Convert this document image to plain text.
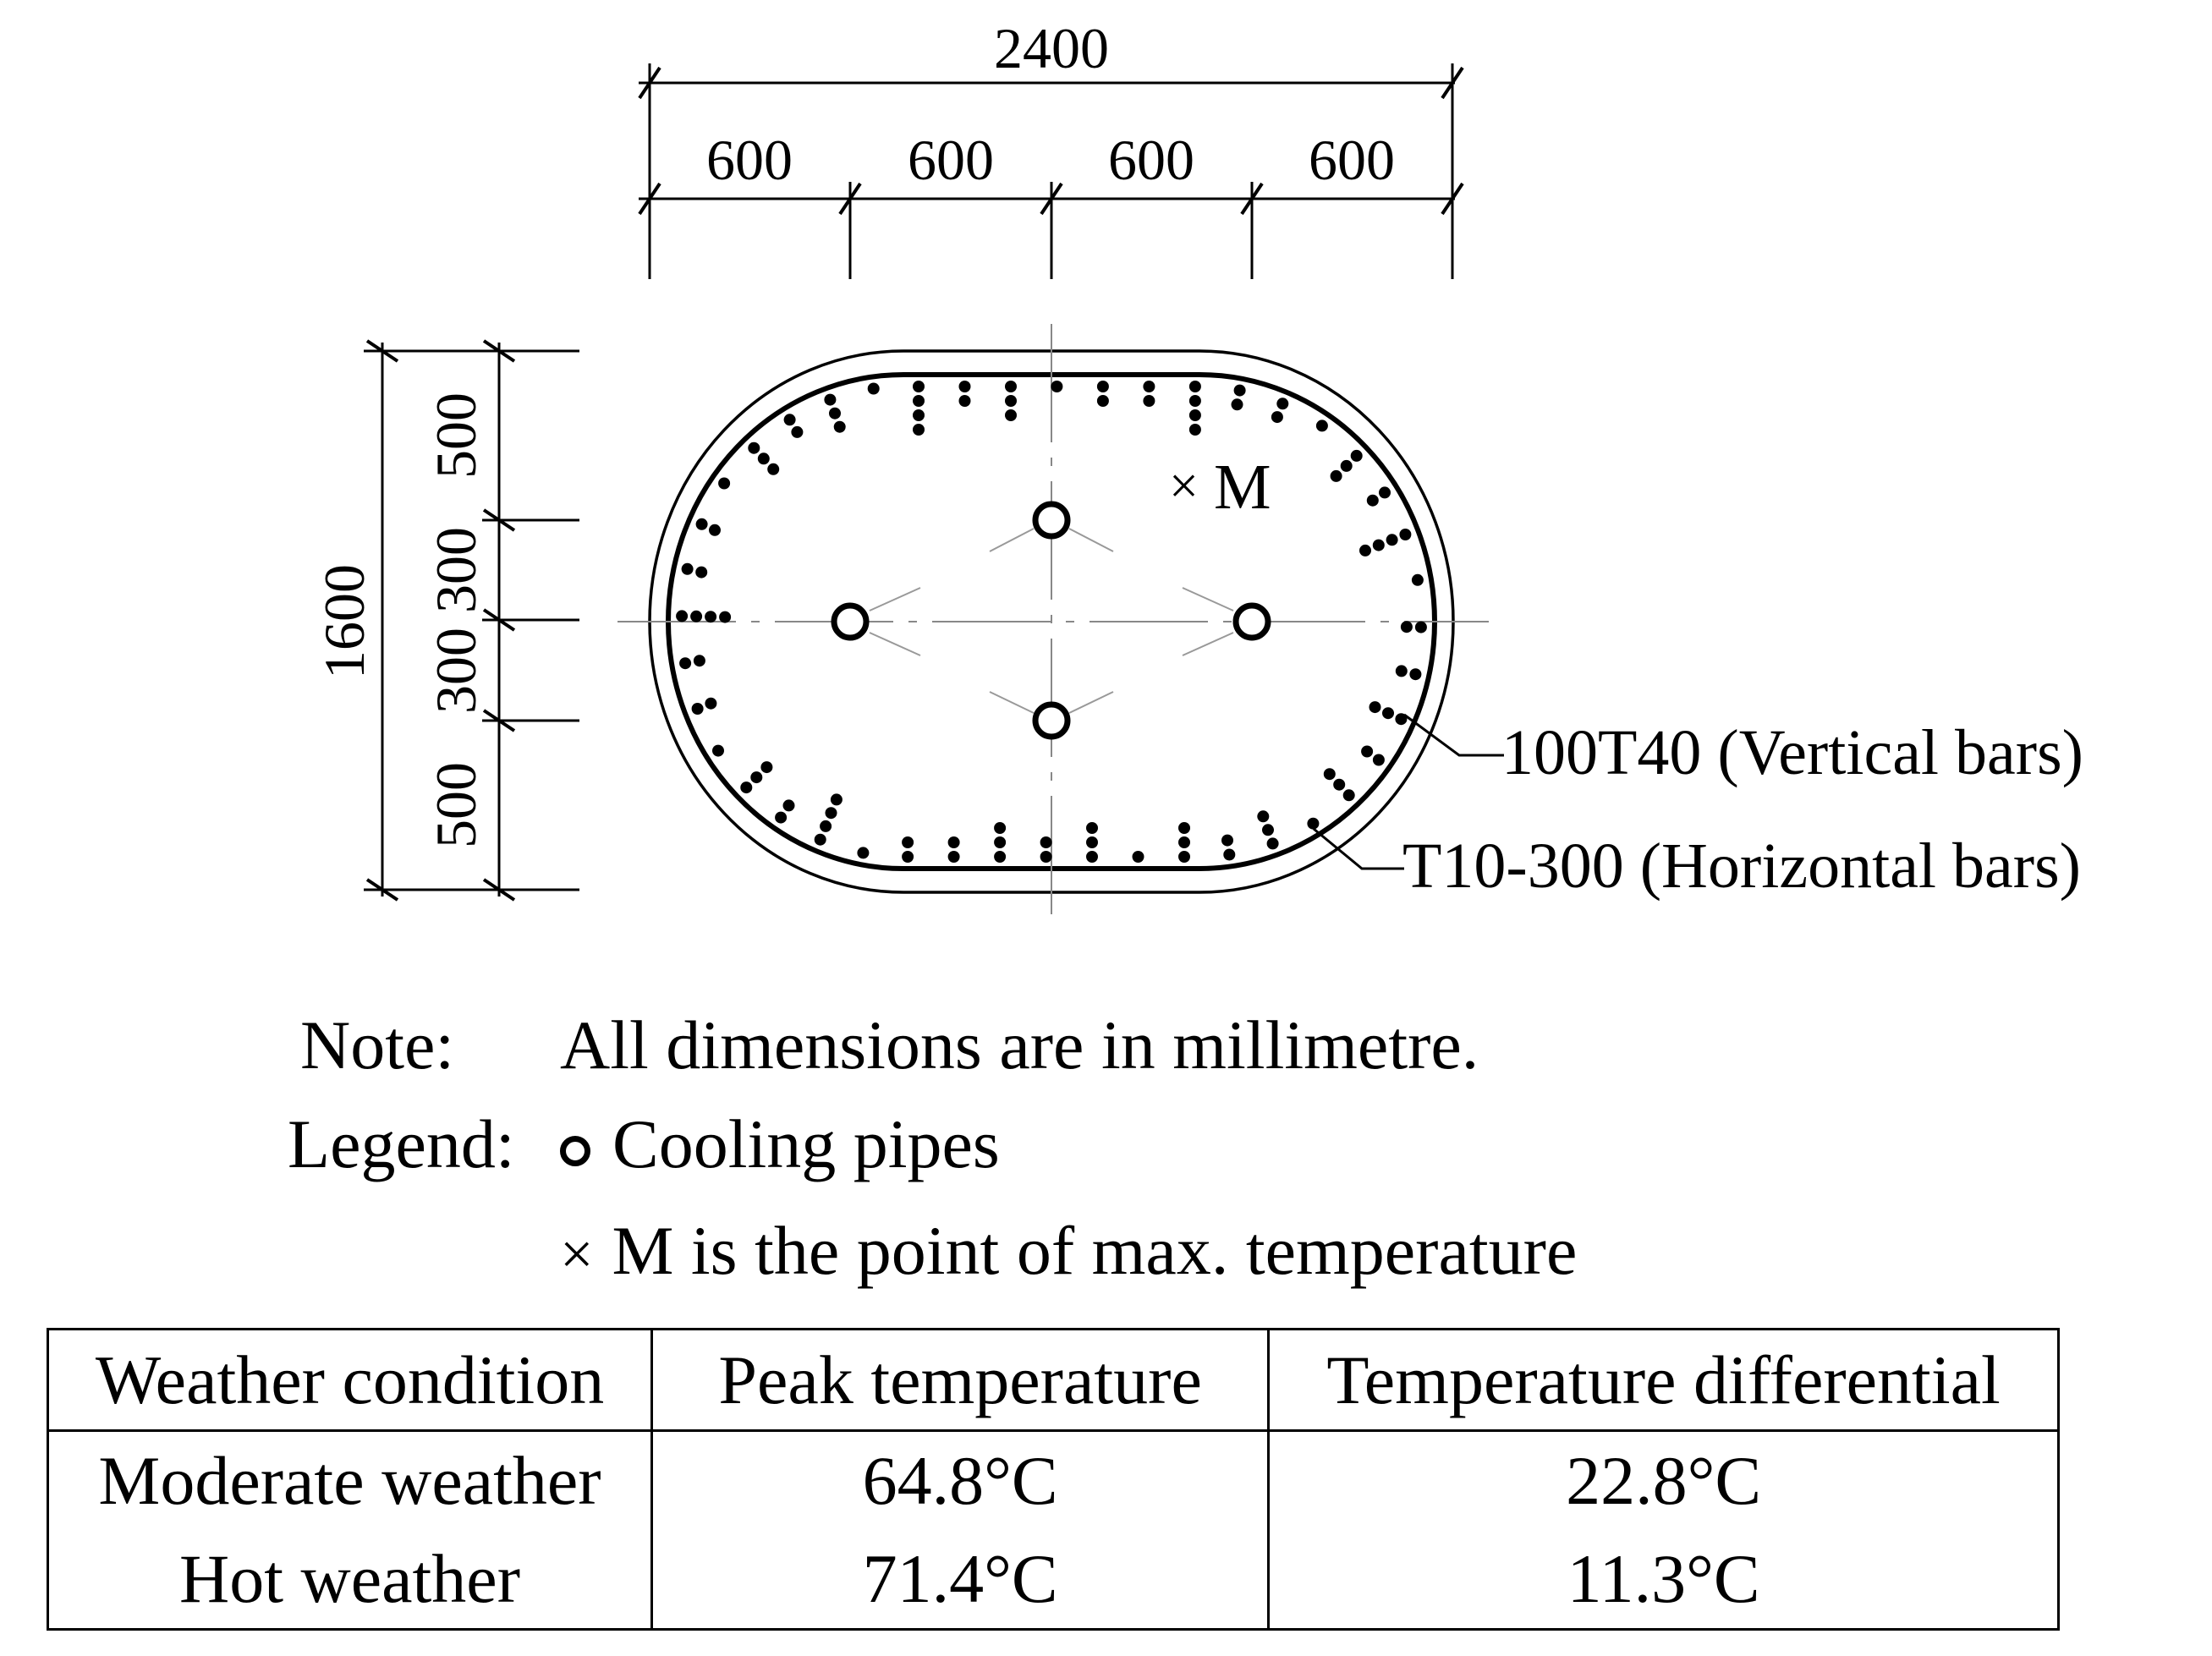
2400
600 600 600 600
1600
500
300
300
500
× M
100T40 (Vertical bars)
T10-300 (Horizontal bars)
Note: All dimensions are in millimetre.
Legend:	Cooling pipes
× M is the point of max. temperature
Weather condition	Peak temperature	Temperature differential
Moderate weather	64.8°C	22.8°C
Hot weather	71.4°C	11.3°C
